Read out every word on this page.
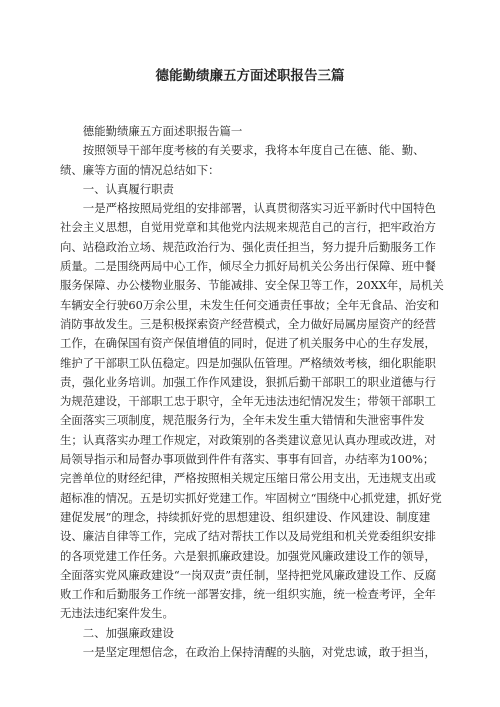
德能勤绩廉五方面述职报告三篇

德能勤绩廉五方面述职报告篇一

按照领导干部年度考核的有关要求，我将本年度自己在德、能、勤、绩、廉等方面的情况总结如下：

一、认真履行职责

一是严格按照局党组的安排部署，认真贯彻落实习近平新时代中国特色社会主义思想，自觉用党章和其他党内法规来规范自己的言行，把牢政治方向、站稳政治立场、规范政治行为、强化责任担当，努力提升后勤服务工作质量。二是围绕两局中心工作，倾尽全力抓好局机关公务出行保障、班中餐服务保障、办公楼物业服务、节能减排、安全保卫等工作，20XX年，局机关车辆安全行驶60万余公里，未发生任何交通责任事故；全年无食品、治安和消防事故发生。三是积极探索资产经营模式，全力做好局属房屋资产的经营工作，在确保国有资产保值增值的同时，促进了机关服务中心的生存发展，维护了干部职工队伍稳定。四是加强队伍管理。严格绩效考核，细化职能职责，强化业务培训。加强工作作风建设，狠抓后勤干部职工的职业道德与行为规范建设，干部职工忠于职守，全年无违法违纪情况发生；带领干部职工全面落实三项制度，规范服务行为，全年未发生重大错情和失泄密事件发生；认真落实办理工作规定，对政策别的各类建议意见认真办理或改进，对局领导指示和局督办事项做到件件有落实、事事有回音，办结率为100%；完善单位的财经纪律，严格按照相关规定压缩日常公用支出，无违规支出或超标准的情况。五是切实抓好党建工作。牢固树立“围绕中心抓党建，抓好党建促发展”的理念，持续抓好党的思想建设、组织建设、作风建设、制度建设、廉洁自律等工作，完成了结对帮扶工作以及局党组和机关党委组织安排的各项党建工作任务。六是狠抓廉政建设。加强党风廉政建设工作的领导，全面落实党风廉政建设“一岗双责”责任制，坚持把党风廉政建设工作、反腐败工作和后勤服务工作统一部署安排，统一组织实施，统一检查考评，全年无违法违纪案件发生。

二、加强廉政建设

一是坚定理想信念，在政治上保持清醒的头脑，对党忠诚，敢于担当，
